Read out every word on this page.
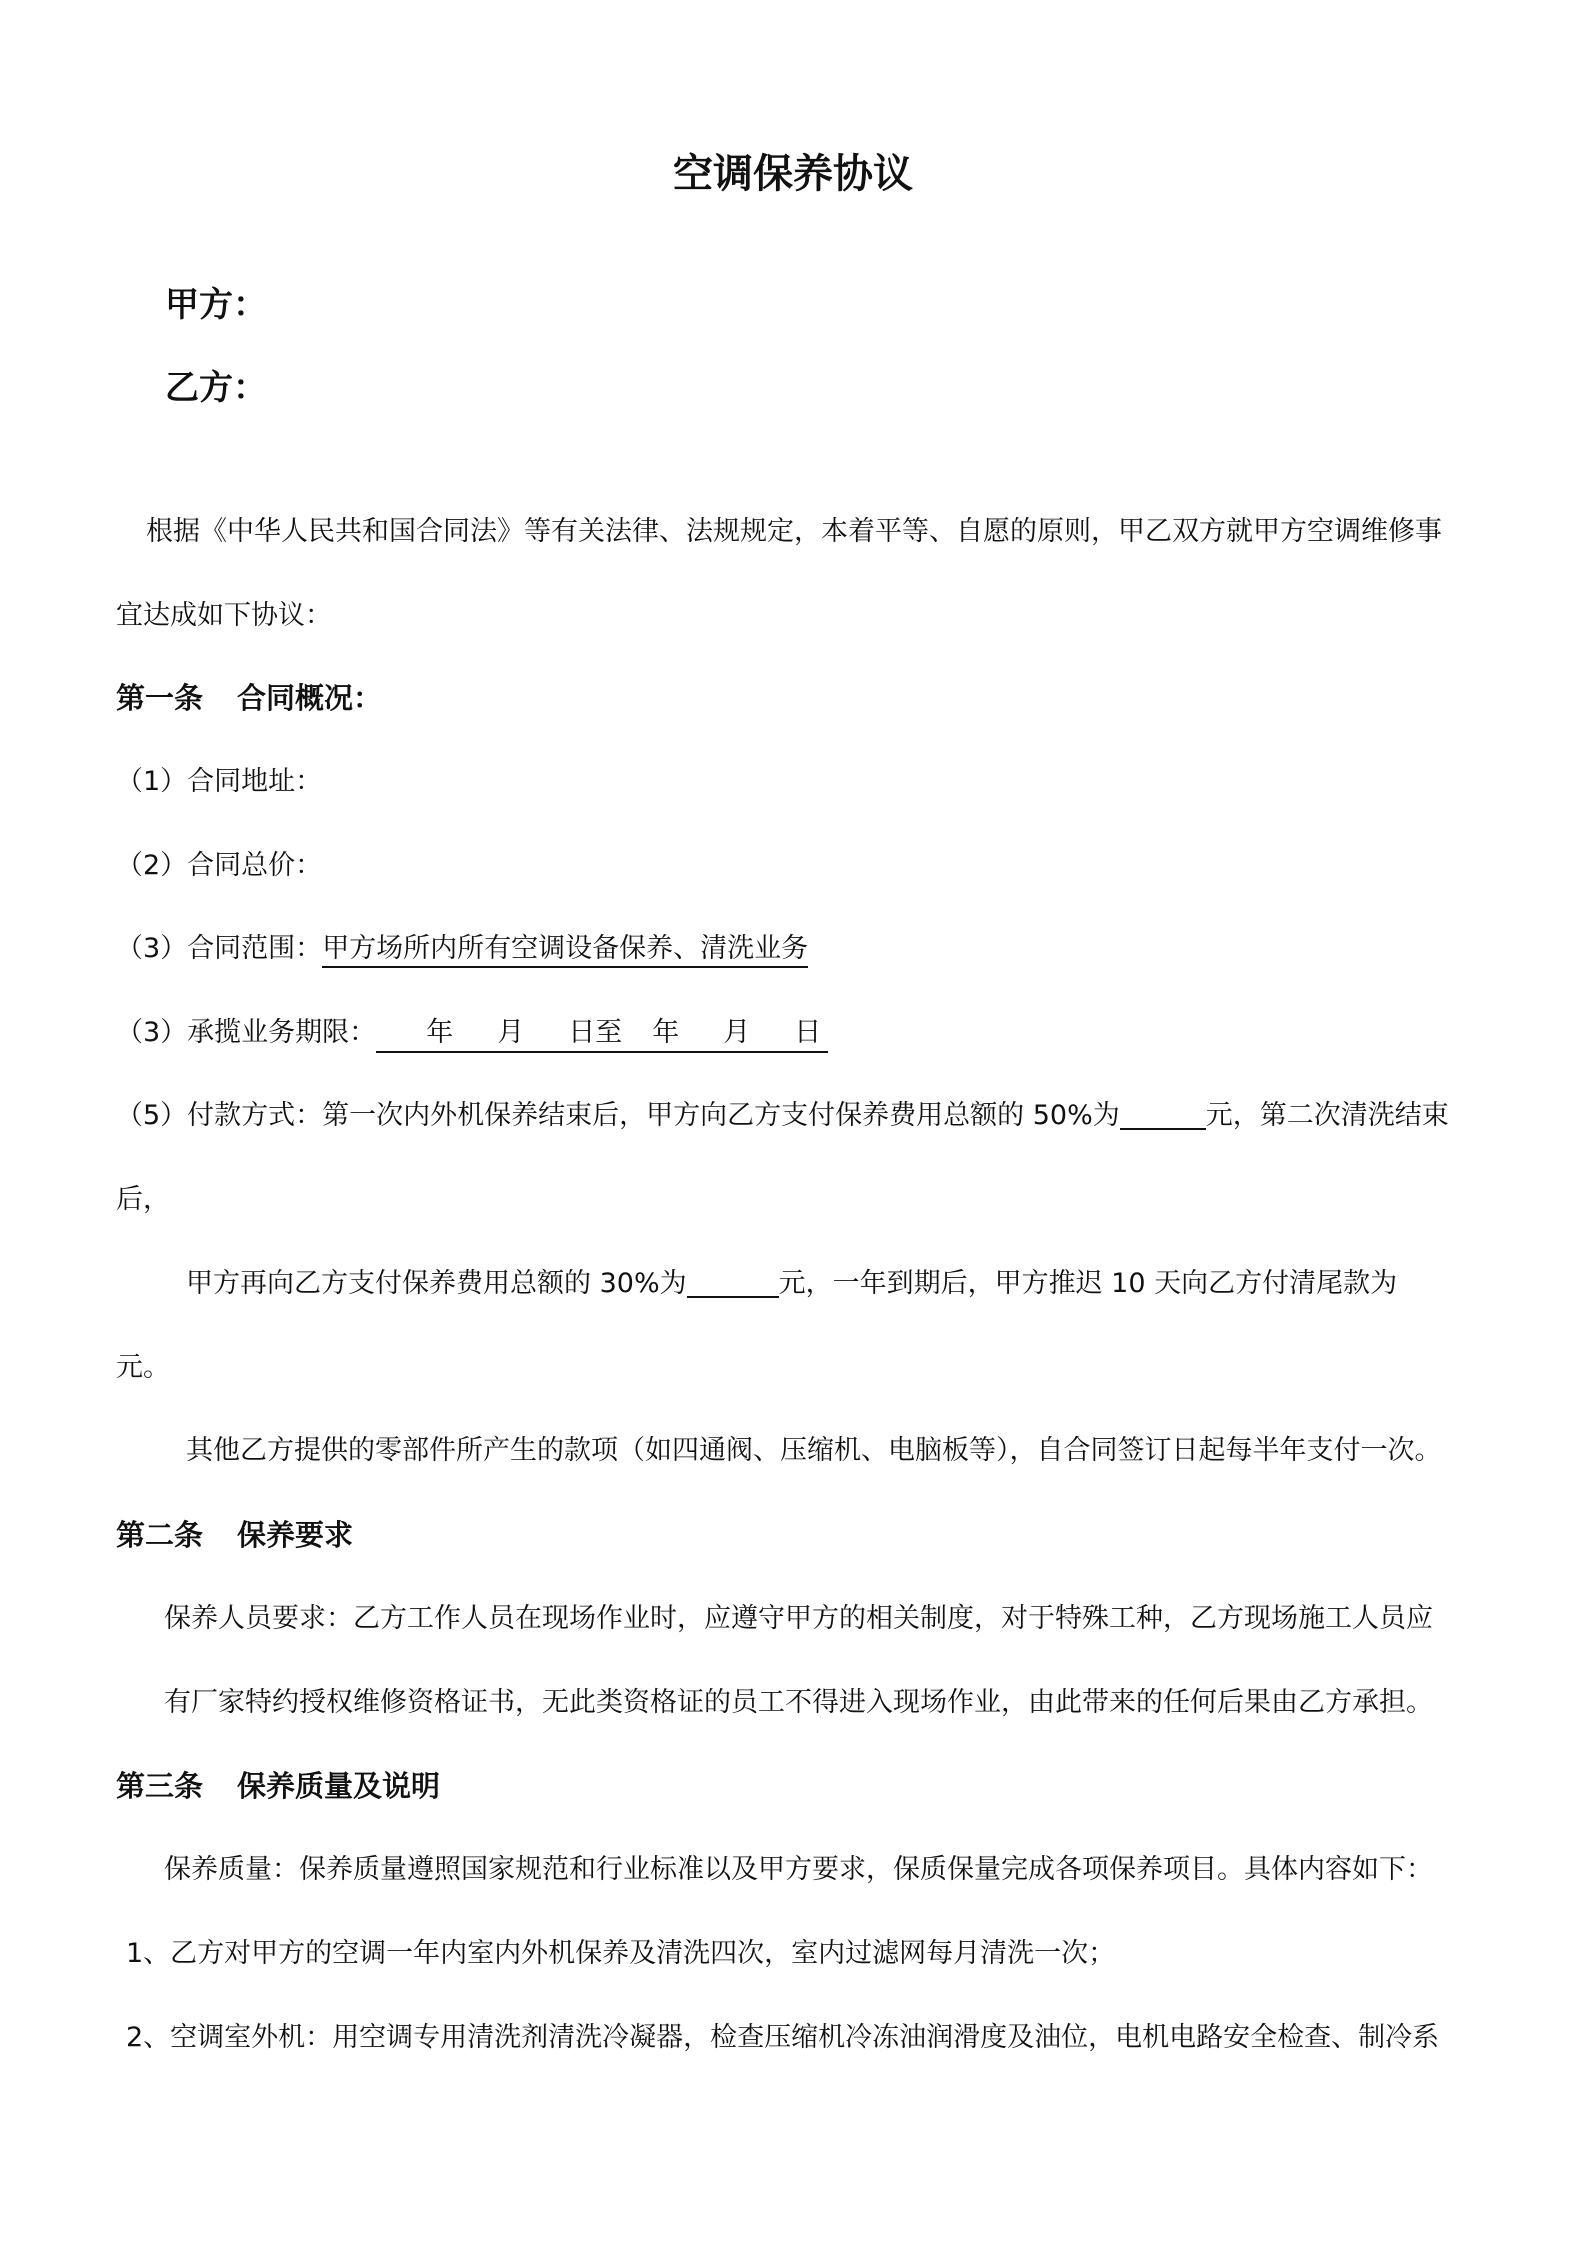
空调保养协议
甲方：
乙方：
根据《中华人民共和国合同法》等有关法律、法规规定，本着平等、自愿的原则，甲乙双方就甲方空调维修事
宜达成如下协议：
第一条 合同概况：
（1）合同地址：
（2）合同总价：
（3）合同范围：甲方场所内所有空调设备保养、清洗业务
（3）承揽业务期限： 年 月 日至 年 月 日
（5）付款方式：第一次内外机保养结束后，甲方向乙方支付保养费用总额的 50%为	元，第二次清洗结束
后，
甲方再向乙方支付保养费用总额的 30%为	元，一年到期后，甲方推迟 10 天向乙方付清尾款为
元。
其他乙方提供的零部件所产生的款项（如四通阀、压缩机、电脑板等），自合同签订日起每半年支付一次。
第二条 保养要求
保养人员要求：乙方工作人员在现场作业时，应遵守甲方的相关制度，对于特殊工种，乙方现场施工人员应
有厂家特约授权维修资格证书，无此类资格证的员工不得进入现场作业，由此带来的任何后果由乙方承担。
第三条 保养质量及说明
保养质量：保养质量遵照国家规范和行业标准以及甲方要求，保质保量完成各项保养项目。具体内容如下：
1、乙方对甲方的空调一年内室内外机保养及清洗四次，室内过滤网每月清洗一次；
2、空调室外机：用空调专用清洗剂清洗冷凝器，检查压缩机冷冻油润滑度及油位，电机电路安全检查、制冷系
